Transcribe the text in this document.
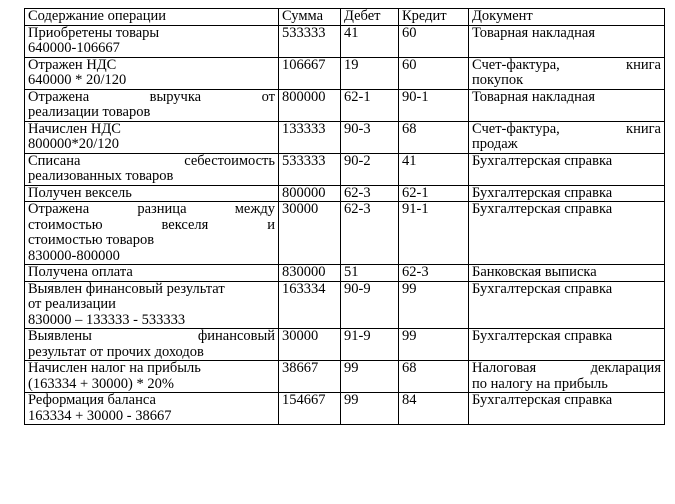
Содержание операции	Сумма	Дебет	Кредит	Документ

Приобретены товары
640000-106667	533333	41	60	Товарная накладная

Отражен НДС
640000 * 20/120	106667	19	60	Счет-фактура, книга
покупок

Отражена выручка от
реализации товаров	800000	62-1	90-1	Товарная накладная

Начислен НДС
800000*20/120	133333	90-3	68	Счет-фактура, книга
продаж

Списана себестоимость
реализованных товаров	533333	90-2	41	Бухгалтерская справка

Получен вексель	800000	62-3	62-1	Бухгалтерская справка

Отражена разница между
стоимостью векселя и
стоимостью товаров
830000-800000	30000	62-3	91-1	Бухгалтерская справка

Получена оплата	830000	51	62-3	Банковская выписка

Выявлен финансовый результат
от реализации
830000 – 133333 - 533333	163334	90-9	99	Бухгалтерская справка

Выявлены финансовый
результат от прочих доходов	30000	91-9	99	Бухгалтерская справка

Начислен налог на прибыль
(163334 + 30000) * 20%	38667	99	68	Налоговая декларация
по налогу на прибыль

Реформация баланса
163334 + 30000 - 38667	154667	99	84	Бухгалтерская справка
